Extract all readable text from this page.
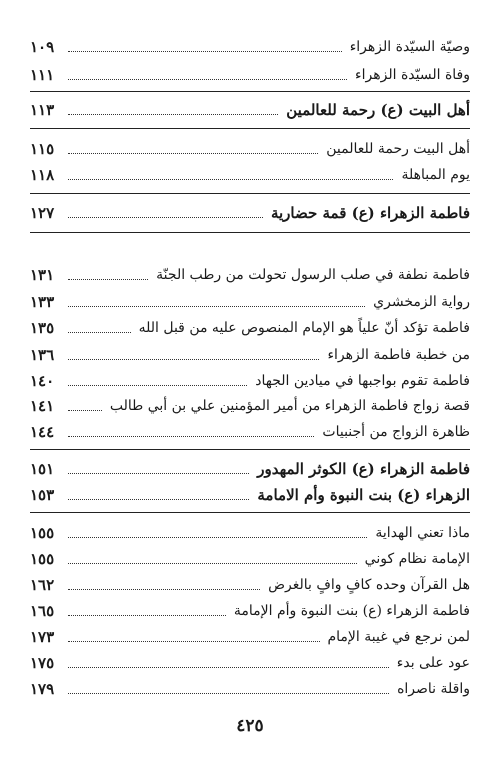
وصيّة السيّدة الزهراء
١٠٩
وفاة السيّدة الزهراء
١١١
أهل البيت (ع) رحمة للعالمين
١١٣
أهل البيت رحمة للعالمين
١١٥
يوم المباهلة
١١٨
فاطمة الزهراء (ع) قمة حضارية
١٢٧
فاطمة نطفة في صلب الرسول تحولت من رطب الجنّة
١٣١
رواية الزمخشري
١٣٣
فاطمة تؤكد أنّ علياً هو الإمام المنصوص عليه من قبل الله
١٣٥
من خطبة فاطمة الزهراء
١٣٦
فاطمة تقوم بواجبها في ميادين الجهاد
١٤٠
قصة زواج فاطمة الزهراء من أمير المؤمنين علي بن أبي طالب
١٤١
ظاهرة الزواج من أجنبيات
١٤٤
فاطمة الزهراء (ع) الكوثر المهدور
١٥١
الزهراء (ع) بنت النبوة وأم الامامة
١٥٣
ماذا تعني الهداية
١٥٥
الإمامة نظام كوني
١٥٥
هل القرآن وحده كافٍ وافٍ بالغرض
١٦٢
فاطمة الزهراء (ع) بنت النبوة وأم الإمامة
١٦٥
لمن نرجع في غيبة الإمام
١٧٣
عود على بدء
١٧٥
واقلة ناصراه
١٧٩
٤٢٥
